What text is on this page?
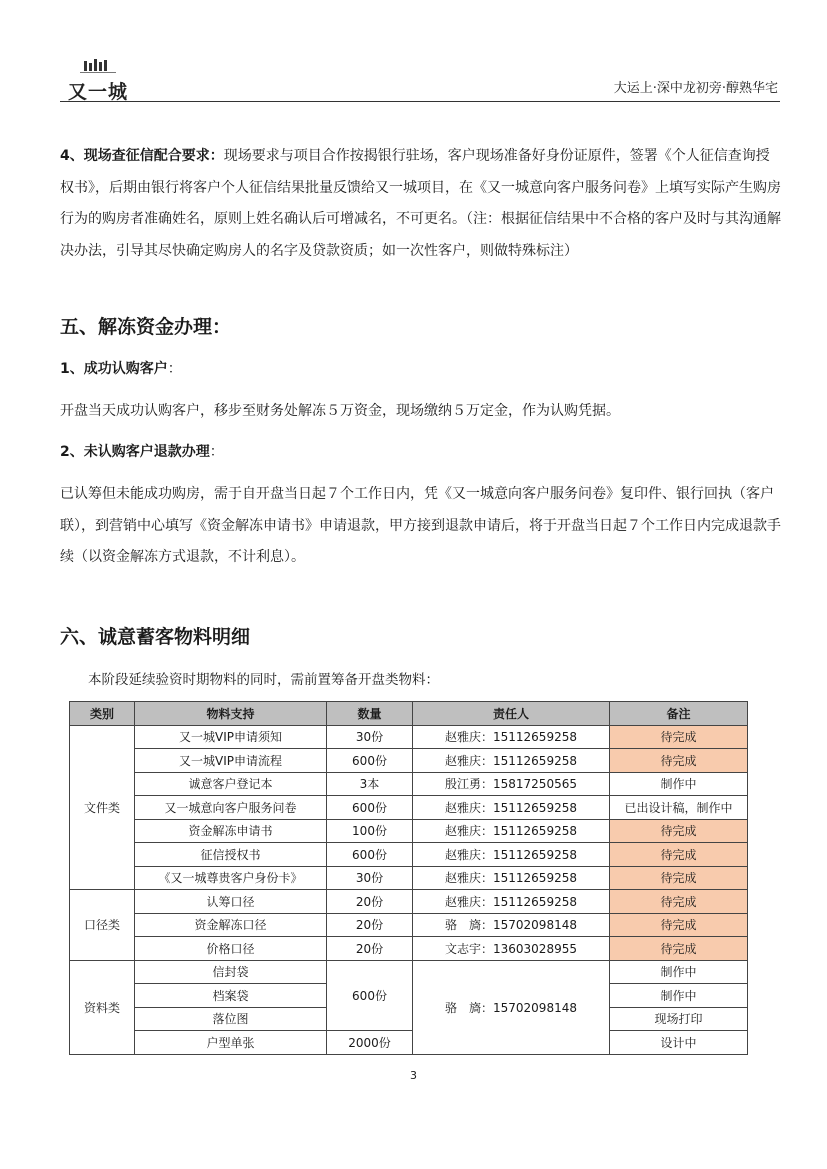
又一城	大运上·深中龙初旁·醇熟华宅

4、现场查征信配合要求：现场要求与项目合作按揭银行驻场，客户现场准备好身份证原件，签署《个人征信查询授权书》，后期由银行将客户个人征信结果批量反馈给又一城项目，在《又一城意向客户服务问卷》上填写实际产生购房行为的购房者准确姓名，原则上姓名确认后可增减名，不可更名。（注：根据征信结果中不合格的客户及时与其沟通解决办法，引导其尽快确定购房人的名字及贷款资质；如一次性客户，则做特殊标注）

五、解冻资金办理：

1、成功认购客户：

开盘当天成功认购客户，移步至财务处解冻５万资金，现场缴纳５万定金，作为认购凭据。

2、未认购客户退款办理：

已认筹但未能成功购房，需于自开盘当日起７个工作日内，凭《又一城意向客户服务问卷》复印件、银行回执（客户联），到营销中心填写《资金解冻申请书》申请退款，甲方接到退款申请后，将于开盘当日起７个工作日内完成退款手续（以资金解冻方式退款，不计利息）。

六、诚意蓄客物料明细
本阶段延续验资时期物料的同时，需前置筹备开盘类物料：
类别	物料支持	数量	责任人	备注
文件类	又一城VIP申请须知	30份	赵雅庆：15112659258	待完成
	又一城VIP申请流程	600份	赵雅庆：15112659258	待完成
	诚意客户登记本	3本	殷江勇：15817250565	制作中
	又一城意向客户服务问卷	600份	赵雅庆：15112659258	已出设计稿，制作中
	资金解冻申请书	100份	赵雅庆：15112659258	待完成
	征信授权书	600份	赵雅庆：15112659258	待完成
	《又一城尊贵客户身份卡》	30份	赵雅庆：15112659258	待完成
口径类	认筹口径	20份	赵雅庆：15112659258	待完成
	资金解冻口径	20份	骆　旖：15702098148	待完成
	价格口径	20份	文志宇：13603028955	待完成
资料类	信封袋	600份	骆　旖：15702098148	制作中
	档案袋			制作中
	落位图			现场打印
	户型单张	2000份		设计中
3
